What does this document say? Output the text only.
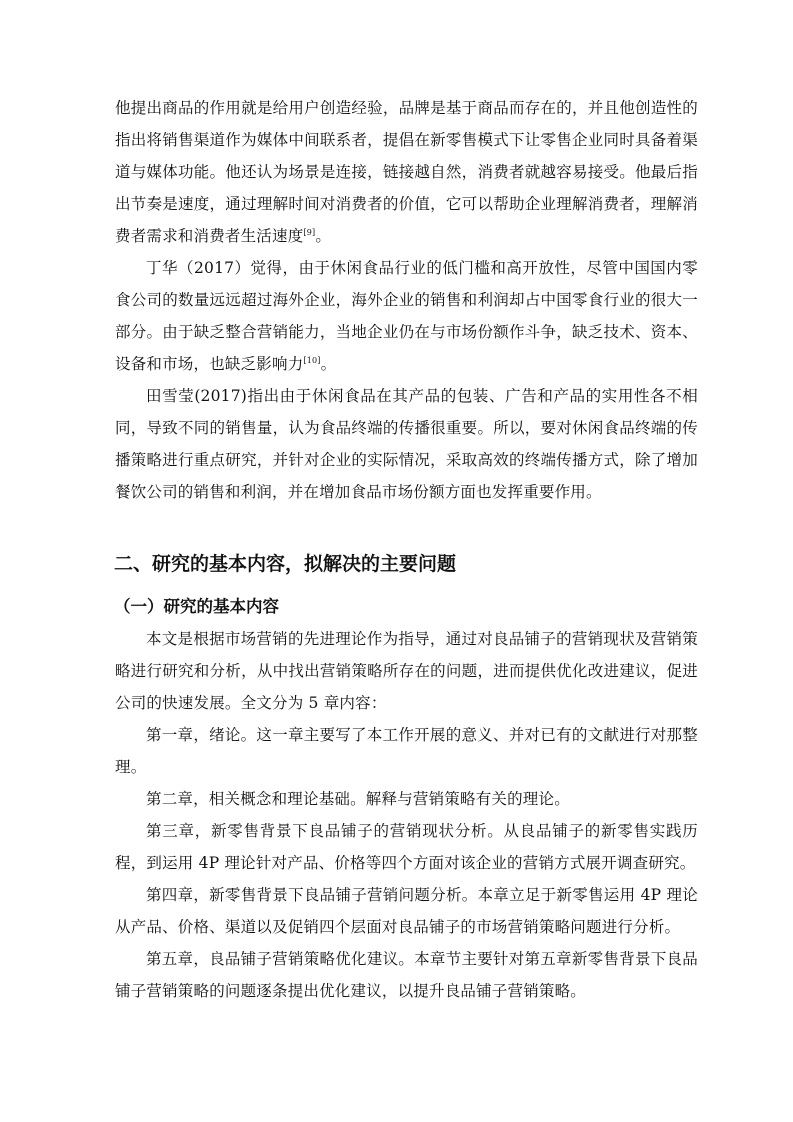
他提出商品的作用就是给用户创造经验，品牌是基于商品而存在的，并且他创造性的指出将销售渠道作为媒体中间联系者，提倡在新零售模式下让零售企业同时具备着渠道与媒体功能。他还认为场景是连接，链接越自然，消费者就越容易接受。他最后指出节奏是速度，通过理解时间对消费者的价值，它可以帮助企业理解消费者，理解消费者需求和消费者生活速度[9]。

丁华（2017）觉得，由于休闲食品行业的低门槛和高开放性，尽管中国国内零食公司的数量远远超过海外企业，海外企业的销售和利润却占中国零食行业的很大一部分。由于缺乏整合营销能力，当地企业仍在与市场份额作斗争，缺乏技术、资本、设备和市场，也缺乏影响力[10]。

田雪莹(2017)指出由于休闲食品在其产品的包装、广告和产品的实用性各不相同，导致不同的销售量，认为食品终端的传播很重要。所以，要对休闲食品终端的传播策略进行重点研究，并针对企业的实际情况，采取高效的终端传播方式，除了增加餐饮公司的销售和利润，并在增加食品市场份额方面也发挥重要作用。

二、研究的基本内容，拟解决的主要问题
（一）研究的基本内容

本文是根据市场营销的先进理论作为指导，通过对良品铺子的营销现状及营销策略进行研究和分析，从中找出营销策略所存在的问题，进而提供优化改进建议，促进公司的快速发展。全文分为 5 章内容：

第一章，绪论。这一章主要写了本工作开展的意义、并对已有的文献进行对那整理。

第二章，相关概念和理论基础。解释与营销策略有关的理论。

第三章，新零售背景下良品铺子的营销现状分析。从良品铺子的新零售实践历程，到运用 4P 理论针对产品、价格等四个方面对该企业的营销方式展开调查研究。

第四章，新零售背景下良品铺子营销问题分析。本章立足于新零售运用 4P 理论从产品、价格、渠道以及促销四个层面对良品铺子的市场营销策略问题进行分析。

第五章，良品铺子营销策略优化建议。本章节主要针对第五章新零售背景下良品铺子营销策略的问题逐条提出优化建议，以提升良品铺子营销策略。
